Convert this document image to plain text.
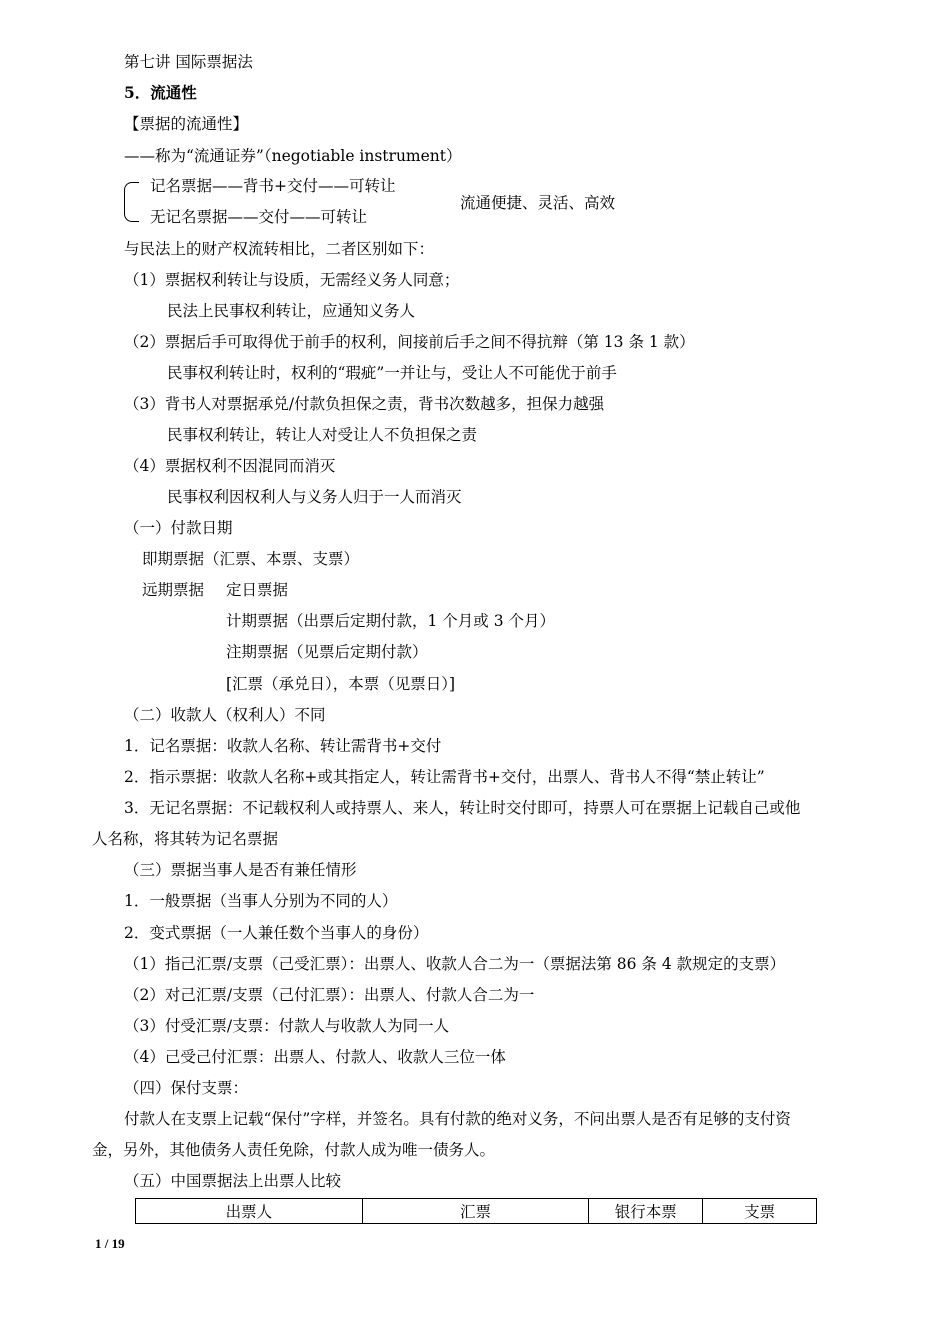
第七讲 国际票据法
5．流通性
【票据的流通性】
——称为“流通证券”（negotiable instrument）
记名票据——背书+交付——可转让
无记名票据——交付——可转让
流通便捷、灵活、高效
与民法上的财产权流转相比，二者区别如下：
（1）票据权利转让与设质，无需经义务人同意；
民法上民事权利转让，应通知义务人
（2）票据后手可取得优于前手的权利，间接前后手之间不得抗辩（第 13 条 1 款）
民事权利转让时，权利的“瑕疵”一并让与，受让人不可能优于前手
（3）背书人对票据承兑/付款负担保之责，背书次数越多，担保力越强
民事权利转让，转让人对受让人不负担保之责
（4）票据权利不因混同而消灭
民事权利因权利人与义务人归于一人而消灭
（一）付款日期
即期票据（汇票、本票、支票）
远期票据 定日票据
计期票据（出票后定期付款，1 个月或 3 个月）
注期票据（见票后定期付款）
[汇票（承兑日），本票（见票日）]
（二）收款人（权利人）不同
1．记名票据：收款人名称、转让需背书+交付
2．指示票据：收款人名称+或其指定人，转让需背书+交付，出票人、背书人不得“禁止转让”
3．无记名票据：不记载权利人或持票人、来人，转让时交付即可，持票人可在票据上记载自己或他
人名称，将其转为记名票据
（三）票据当事人是否有兼任情形
1．一般票据（当事人分别为不同的人）
2．变式票据（一人兼任数个当事人的身份）
（1）指己汇票/支票（己受汇票）：出票人、收款人合二为一（票据法第 86 条 4 款规定的支票）
（2）对己汇票/支票（己付汇票）：出票人、付款人合二为一
（3）付受汇票/支票：付款人与收款人为同一人
（4）己受己付汇票：出票人、付款人、收款人三位一体
（四）保付支票：
付款人在支票上记载“保付”字样，并签名。具有付款的绝对义务，不问出票人是否有足够的支付资
金，另外，其他债务人责任免除，付款人成为唯一债务人。
（五）中国票据法上出票人比较
出票人	汇票	银行本票	支票
1 / 19
